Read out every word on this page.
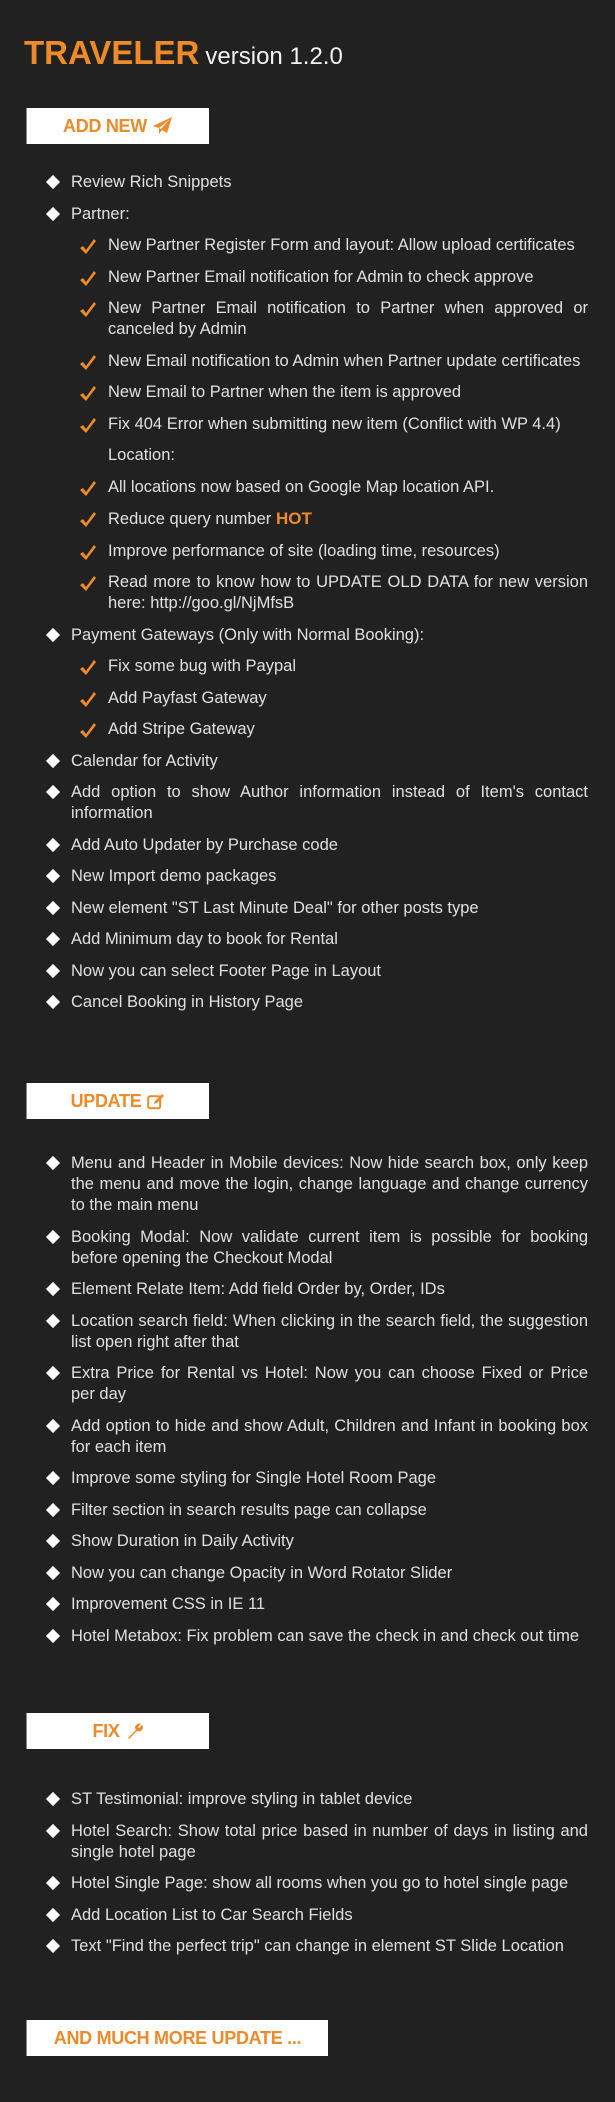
TRAVELER version 1.2.0
ADD NEW
Review Rich Snippets
Partner:
New Partner Register Form and layout: Allow upload certificates
New Partner Email notification for Admin to check approve
New Partner Email notification to Partner when approved or canceled by Admin
New Email notification to Admin when Partner update certificates
New Email to Partner when the item is approved
Fix 404 Error when submitting new item (Conflict with WP 4.4)
Location:
All locations now based on Google Map location API.
Reduce query number HOT
Improve performance of site (loading time, resources)
Read more to know how to UPDATE OLD DATA for new version here: http://goo.gl/NjMfsB
Payment Gateways (Only with Normal Booking):
Fix some bug with Paypal
Add Payfast Gateway
Add Stripe Gateway
Calendar for Activity
Add option to show Author information instead of Item's contact information
Add Auto Updater by Purchase code
New Import demo packages
New element "ST Last Minute Deal" for other posts type
Add Minimum day to book for Rental
Now you can select Footer Page in Layout
Cancel Booking in History Page
UPDATE
Menu and Header in Mobile devices: Now hide search box, only keep the menu and move the login, change language and change currency to the main menu
Booking Modal: Now validate current item is possible for booking before opening the Checkout Modal
Element Relate Item: Add field Order by, Order, IDs
Location search field: When clicking in the search field, the suggestion list open right after that
Extra Price for Rental vs Hotel: Now you can choose Fixed or Price per day
Add option to hide and show Adult, Children and Infant in booking box for each item
Improve some styling for Single Hotel Room Page
Filter section in search results page can collapse
Show Duration in Daily Activity
Now you can change Opacity in Word Rotator Slider
Improvement CSS in IE 11
Hotel Metabox: Fix problem can save the check in and check out time
FIX
ST Testimonial: improve styling in tablet device
Hotel Search: Show total price based in number of days in listing and single hotel page
Hotel Single Page: show all rooms when you go to hotel single page
Add Location List to Car Search Fields
Text "Find the perfect trip" can change in element ST Slide Location
AND MUCH MORE UPDATE ...
